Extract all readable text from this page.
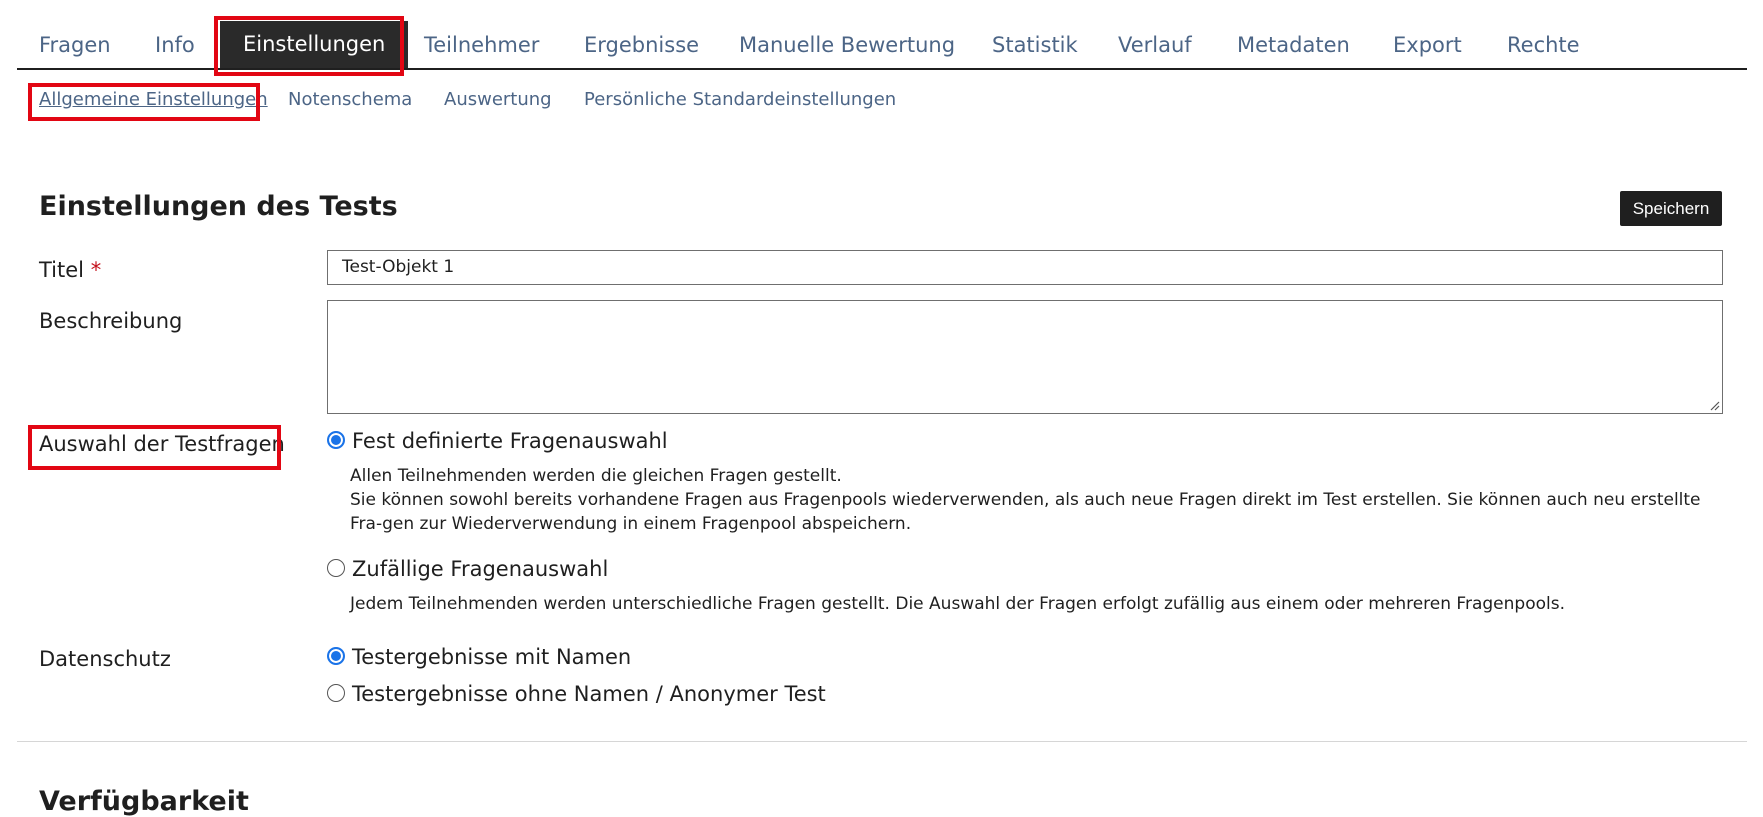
Fragen Info	Einstellungen	Teilnehmer Ergebnisse Manuelle Bewertung Statistik Verlauf Metadaten Export Rechte
Allgemeine Einstellungen Notenschema Auswertung Persönliche Standardeinstellungen
Einstellungen des Tests	Speichern
Titel *	Test-Objekt 1
Beschreibung
Auswahl der Testfragen	Fest definierte Fragenauswahl
Allen Teilnehmenden werden die gleichen Fragen gestellt.
Sie können sowohl bereits vorhandene Fragen aus Fragenpools wiederverwenden, als auch neue Fragen direkt im Test erstellen. Sie können auch neu erstellte Fra-gen zur Wiederverwendung in einem Fragenpool abspeichern.
Zufällige Fragenauswahl
Jedem Teilnehmenden werden unterschiedliche Fragen gestellt. Die Auswahl der Fragen erfolgt zufällig aus einem oder mehreren Fragenpools.
Datenschutz	Testergebnisse mit Namen
Testergebnisse ohne Namen / Anonymer Test
Verfügbarkeit
